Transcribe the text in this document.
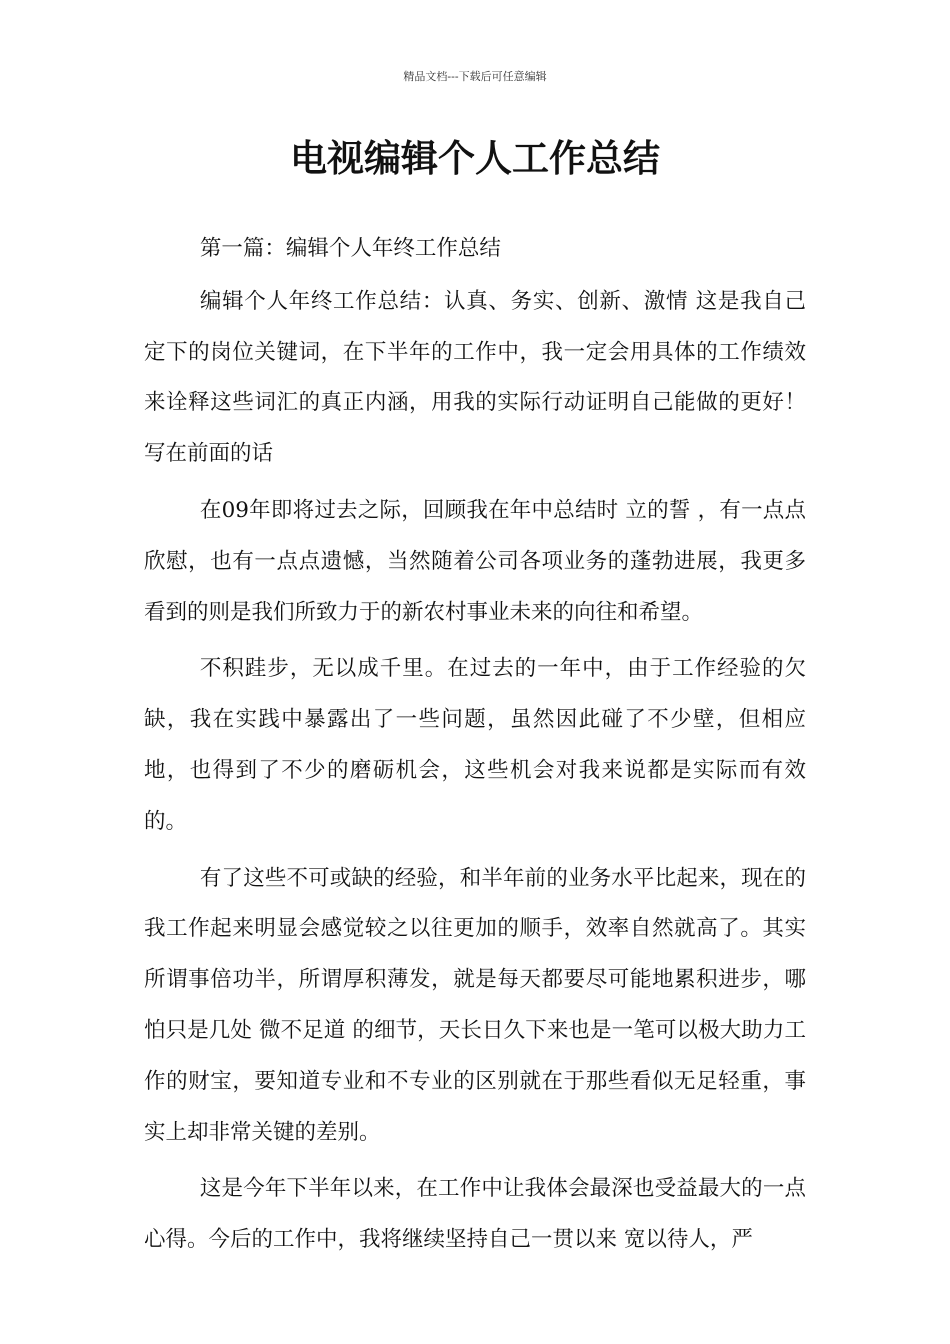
精品文档---下载后可任意编辑
电视编辑个人工作总结

第一篇：编辑个人年终工作总结

编辑个人年终工作总结：认真、务实、创新、激情 这是我自己定下的岗位关键词，在下半年的工作中，我一定会用具体的工作绩效来诠释这些词汇的真正内涵，用我的实际行动证明自己能做的更好！写在前面的话

在09年即将过去之际，回顾我在年中总结时 立的誓 ，有一点点欣慰，也有一点点遗憾，当然随着公司各项业务的蓬勃进展，我更多看到的则是我们所致力于的新农村事业未来的向往和希望。

不积跬步，无以成千里。在过去的一年中，由于工作经验的欠缺，我在实践中暴露出了一些问题，虽然因此碰了不少壁，但相应地，也得到了不少的磨砺机会，这些机会对我来说都是实际而有效的。

有了这些不可或缺的经验，和半年前的业务水平比起来，现在的我工作起来明显会感觉较之以往更加的顺手，效率自然就高了。其实所谓事倍功半，所谓厚积薄发，就是每天都要尽可能地累积进步，哪怕只是几处 微不足道 的细节，天长日久下来也是一笔可以极大助力工作的财宝，要知道专业和不专业的区别就在于那些看似无足轻重，事实上却非常关键的差别。

这是今年下半年以来，在工作中让我体会最深也受益最大的一点心得。今后的工作中，我将继续坚持自己一贯以来 宽以待人，严
